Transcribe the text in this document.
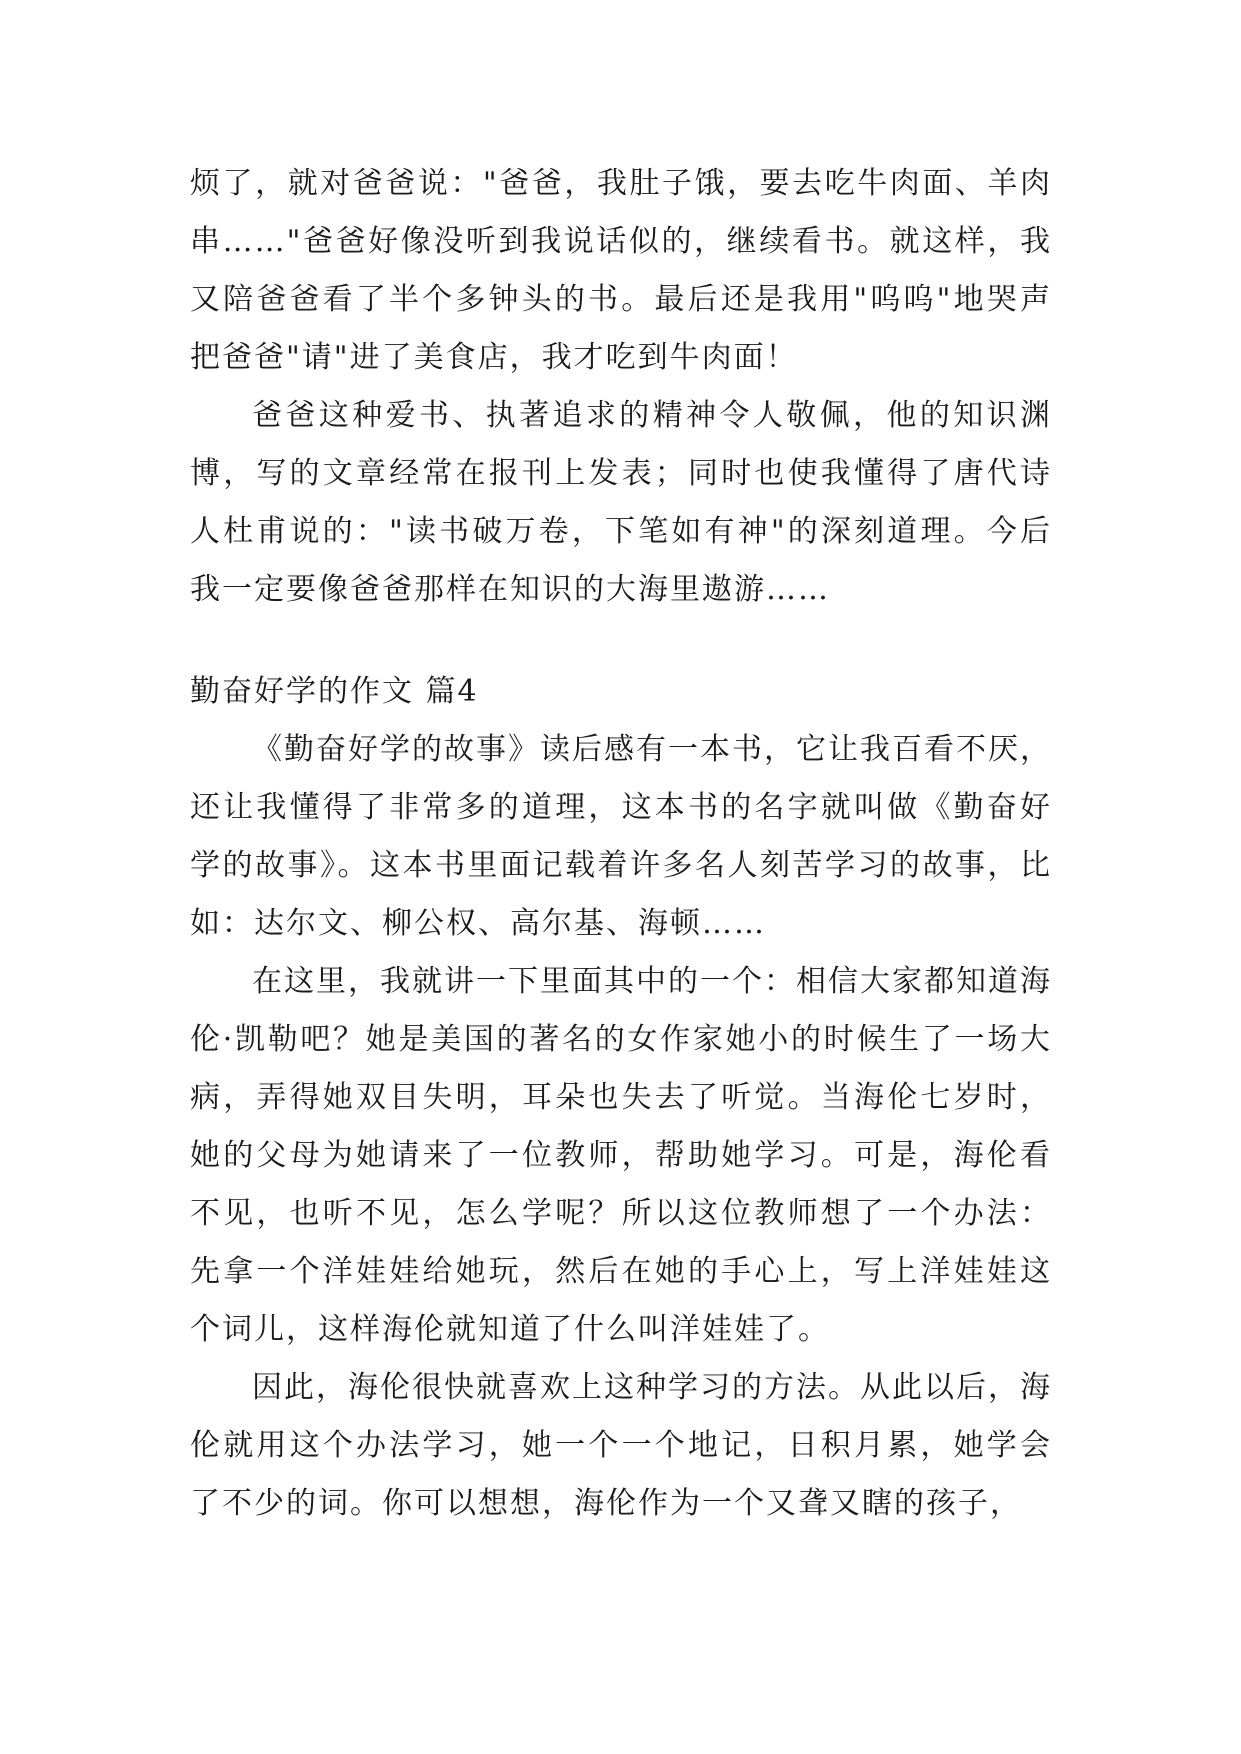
烦了，就对爸爸说："爸爸，我肚子饿，要去吃牛肉面、羊肉串……"爸爸好像没听到我说话似的，继续看书。就这样，我又陪爸爸看了半个多钟头的书。最后还是我用"呜呜"地哭声把爸爸"请"进了美食店，我才吃到牛肉面！

爸爸这种爱书、执著追求的精神令人敬佩，他的知识渊博，写的文章经常在报刊上发表；同时也使我懂得了唐代诗人杜甫说的："读书破万卷，下笔如有神"的深刻道理。今后我一定要像爸爸那样在知识的大海里遨游……

勤奋好学的作文 篇4

《勤奋好学的故事》读后感有一本书，它让我百看不厌，还让我懂得了非常多的道理，这本书的名字就叫做《勤奋好学的故事》。这本书里面记载着许多名人刻苦学习的故事，比如：达尔文、柳公权、高尔基、海顿……

在这里，我就讲一下里面其中的一个：相信大家都知道海伦·凯勒吧？她是美国的著名的女作家她小的时候生了一场大病，弄得她双目失明，耳朵也失去了听觉。当海伦七岁时，她的父母为她请来了一位教师，帮助她学习。可是，海伦看不见，也听不见，怎么学呢？所以这位教师想了一个办法：先拿一个洋娃娃给她玩，然后在她的手心上，写上洋娃娃这个词儿，这样海伦就知道了什么叫洋娃娃了。

因此，海伦很快就喜欢上这种学习的方法。从此以后，海伦就用这个办法学习，她一个一个地记，日积月累，她学会了不少的词。你可以想想，海伦作为一个又聋又瞎的孩子，
